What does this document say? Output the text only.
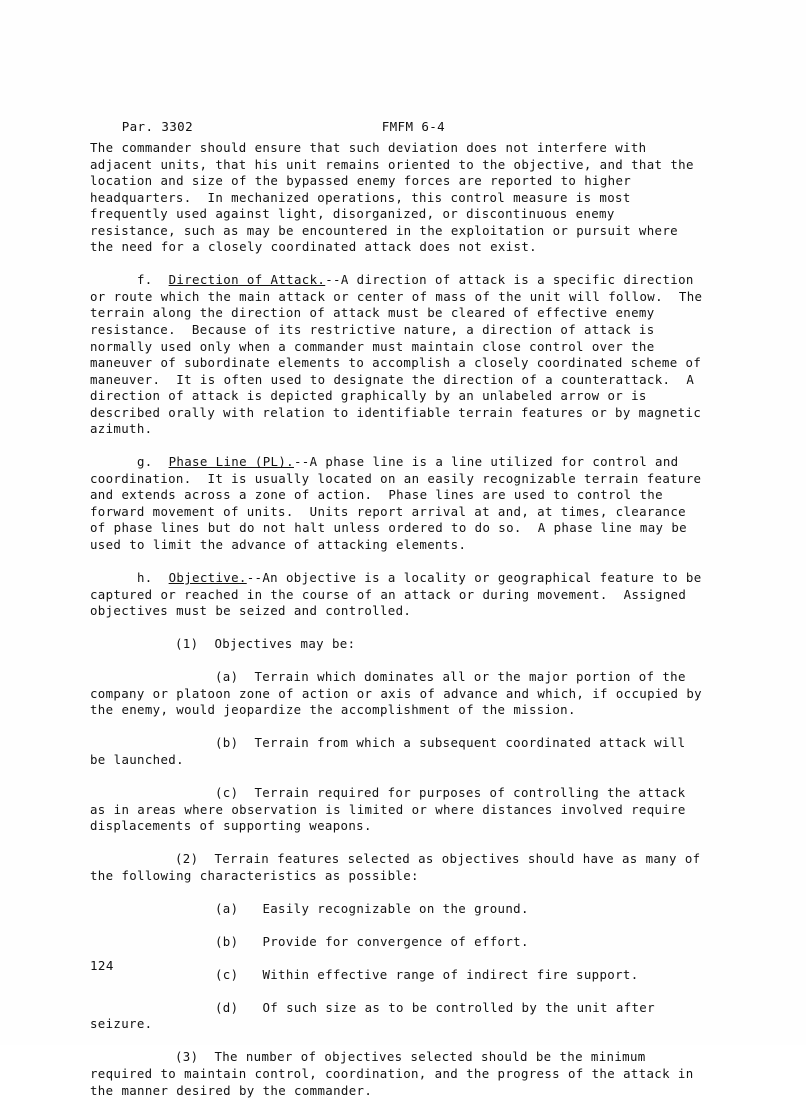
Par. 3302	FMFM 6-4

The commander should ensure that such deviation does not interfere with adjacent units, that his unit remains oriented to the objective, and that the location and size of the bypassed enemy forces are reported to higher headquarters.  In mechanized operations, this control measure is most frequently used against light, disorganized, or discontinuous enemy resistance, such as may be encountered in the exploitation or pursuit where the need for a closely coordinated attack does not exist.

f. Direction of Attack.--A direction of attack is a specific direction or route which the main attack or center of mass of the unit will follow.  The terrain along the direction of attack must be cleared of effective enemy resistance.  Because of its restrictive nature, a direction of attack is normally used only when a commander must maintain close control over the maneuver of subordinate elements to accomplish a closely coordinated scheme of maneuver.  It is often used to designate the direction of a counterattack.  A direction of attack is depicted graphically by an unlabeled arrow or is described orally with relation to identifiable terrain features or by magnetic azimuth.

g. Phase Line (PL).--A phase line is a line utilized for control and coordination.  It is usually located on an easily recognizable terrain feature and extends across a zone of action.  Phase lines are used to control the forward movement of units.  Units report arrival at and, at times, clearance of phase lines but do not halt unless ordered to do so.  A phase line may be used to limit the advance of attacking elements.

h. Objective.--An objective is a locality or geographical feature to be captured or reached in the course of an attack or during movement.  Assigned objectives must be seized and controlled.

(1) Objectives may be:

(a) Terrain which dominates all or the major portion of the company or platoon zone of action or axis of advance and which, if occupied by the enemy, would jeopardize the accomplishment of the mission.

(b) Terrain from which a subsequent coordinated attack will be launched.

(c) Terrain required for purposes of controlling the attack as in areas where observation is limited or where distances involved require displacements of supporting weapons.

(2) Terrain features selected as objectives should have as many of the following characteristics as possible:

(a) Easily recognizable on the ground.

(b) Provide for convergence of effort.

(c) Within effective range of indirect fire support.

(d) Of such size as to be controlled by the unit after seizure.

(3) The number of objectives selected should be the minimum required to maintain control, coordination, and the progress of the attack in the manner desired by the commander.

124
